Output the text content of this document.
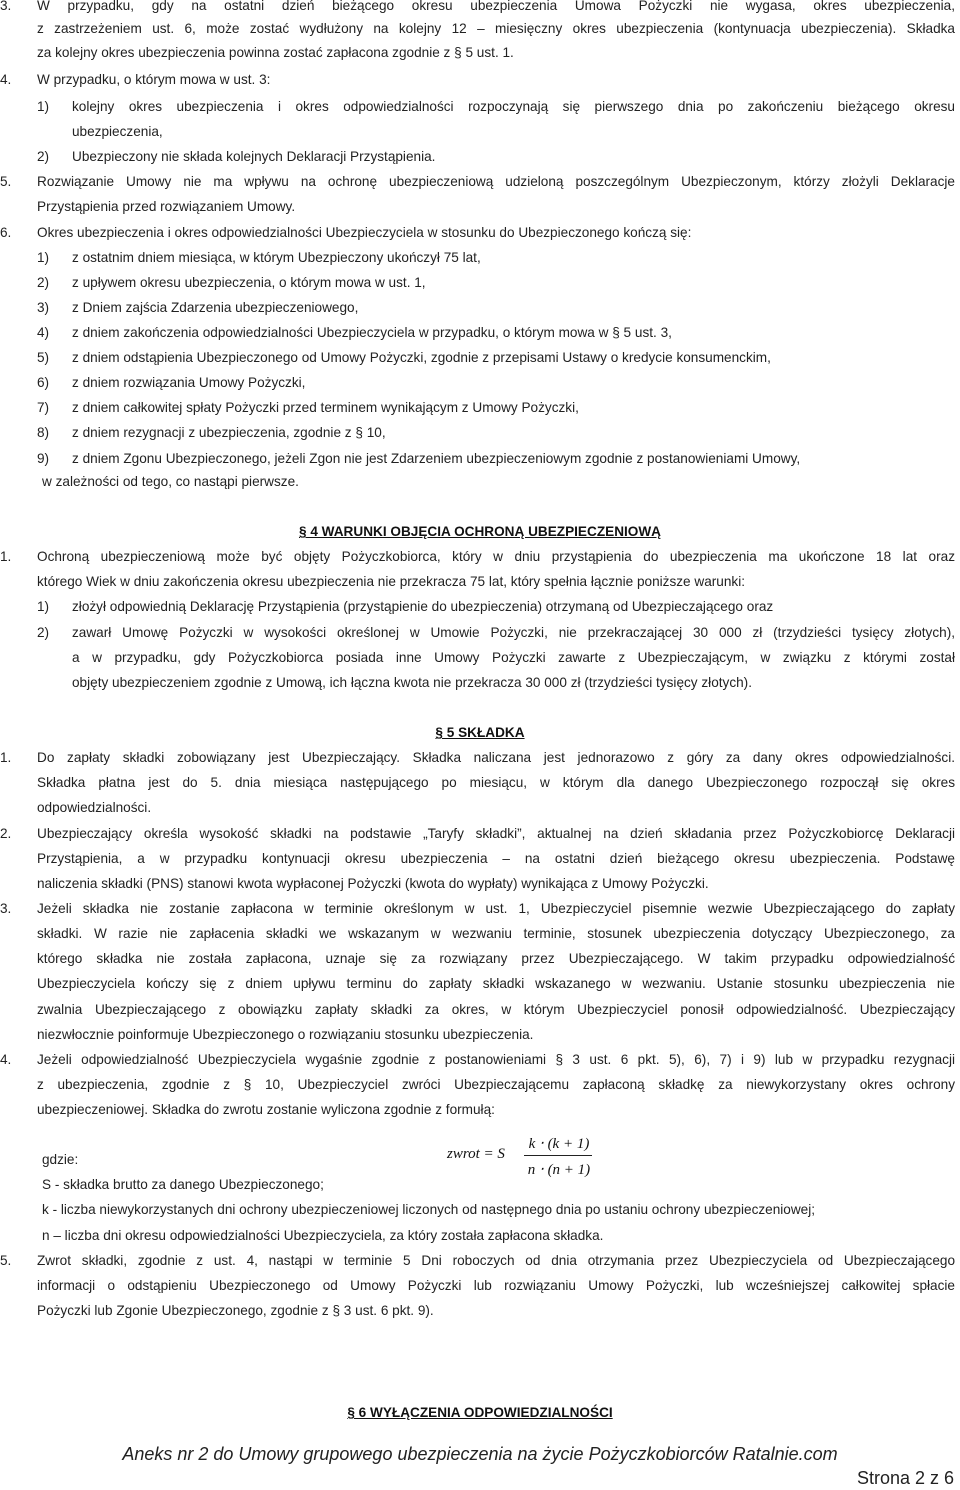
3. W przypadku, gdy na ostatni dzień bieżącego okresu ubezpieczenia Umowa Pożyczki nie wygasa, okres ubezpieczenia,
z zastrzeżeniem ust. 6, może zostać wydłużony na kolejny 12 – miesięczny okres ubezpieczenia (kontynuacja ubezpieczenia). Składka
za kolejny okres ubezpieczenia powinna zostać zapłacona zgodnie z § 5 ust. 1.
4. W przypadku, o którym mowa w ust. 3:
1) kolejny okres ubezpieczenia i okres odpowiedzialności rozpoczynają się pierwszego dnia po zakończeniu bieżącego okresu
ubezpieczenia,
2) Ubezpieczony nie składa kolejnych Deklaracji Przystąpienia.
5. Rozwiązanie Umowy nie ma wpływu na ochronę ubezpieczeniową udzieloną poszczególnym Ubezpieczonym, którzy złożyli Deklaracje
Przystąpienia przed rozwiązaniem Umowy.
6. Okres ubezpieczenia i okres odpowiedzialności Ubezpieczyciela w stosunku do Ubezpieczonego kończą się:
1) z ostatnim dniem miesiąca, w którym Ubezpieczony ukończył 75 lat,
2) z upływem okresu ubezpieczenia, o którym mowa w ust. 1,
3) z Dniem zajścia Zdarzenia ubezpieczeniowego,
4) z dniem zakończenia odpowiedzialności Ubezpieczyciela w przypadku, o którym mowa w § 5 ust. 3,
5) z dniem odstąpienia Ubezpieczonego od Umowy Pożyczki, zgodnie z przepisami Ustawy o kredycie konsumenckim,
6) z dniem rozwiązania Umowy Pożyczki,
7) z dniem całkowitej spłaty Pożyczki przed terminem wynikającym z Umowy Pożyczki,
8) z dniem rezygnacji z ubezpieczenia, zgodnie z § 10,
9) z dniem Zgonu Ubezpieczonego, jeżeli Zgon nie jest Zdarzeniem ubezpieczeniowym zgodnie z postanowieniami Umowy,
w zależności od tego, co nastąpi pierwsze.
§ 4 WARUNKI OBJĘCIA OCHRONĄ UBEZPIECZENIOWĄ
1. Ochroną ubezpieczeniową może być objęty Pożyczkobiorca, który w dniu przystąpienia do ubezpieczenia ma ukończone 18 lat oraz
którego Wiek w dniu zakończenia okresu ubezpieczenia nie przekracza 75 lat, który spełnia łącznie poniższe warunki:
1) złożył odpowiednią Deklarację Przystąpienia (przystąpienie do ubezpieczenia) otrzymaną od Ubezpieczającego oraz
2) zawarł Umowę Pożyczki w wysokości określonej w Umowie Pożyczki, nie przekraczającej 30 000 zł (trzydzieści tysięcy złotych),
a w przypadku, gdy Pożyczkobiorca posiada inne Umowy Pożyczki zawarte z Ubezpieczającym, w związku z którymi został
objęty ubezpieczeniem zgodnie z Umową, ich łączna kwota nie przekracza 30 000 zł (trzydzieści tysięcy złotych).
§ 5 SKŁADKA
1. Do zapłaty składki zobowiązany jest Ubezpieczający. Składka naliczana jest jednorazowo z góry za dany okres odpowiedzialności.
Składka płatna jest do 5. dnia miesiąca następującego po miesiącu, w którym dla danego Ubezpieczonego rozpoczął się okres
odpowiedzialności.
2. Ubezpieczający określa wysokość składki na podstawie „Taryfy składki”, aktualnej na dzień składania przez Pożyczkobiorcę Deklaracji
Przystąpienia, a w przypadku kontynuacji okresu ubezpieczenia – na ostatni dzień bieżącego okresu ubezpieczenia. Podstawę
naliczenia składki (PNS) stanowi kwota wypłaconej Pożyczki (kwota do wypłaty) wynikająca z Umowy Pożyczki.
3. Jeżeli składka nie zostanie zapłacona w terminie określonym w ust. 1, Ubezpieczyciel pisemnie wezwie Ubezpieczającego do zapłaty
składki. W razie nie zapłacenia składki we wskazanym w wezwaniu terminie, stosunek ubezpieczenia dotyczący Ubezpieczonego, za
którego składka nie została zapłacona, uznaje się za rozwiązany przez Ubezpieczającego. W takim przypadku odpowiedzialność
Ubezpieczyciela kończy się z dniem upływu terminu do zapłaty składki wskazanego w wezwaniu. Ustanie stosunku ubezpieczenia nie
zwalnia Ubezpieczającego z obowiązku zapłaty składki za okres, w którym Ubezpieczyciel ponosił odpowiedzialność. Ubezpieczający
niezwłocznie poinformuje Ubezpieczonego o rozwiązaniu stosunku ubezpieczenia.
4. Jeżeli odpowiedzialność Ubezpieczyciela wygaśnie zgodnie z postanowieniami § 3 ust. 6 pkt. 5), 6), 7) i 9) lub w przypadku rezygnacji
z ubezpieczenia, zgodnie z § 10, Ubezpieczyciel zwróci Ubezpieczającemu zapłaconą składkę za niewykorzystany okres ochrony
ubezpieczeniowej. Składka do zwrotu zostanie wyliczona zgodnie z formułą:
zwrot = S
k ⋅ (k + 1)
n ⋅ (n + 1)
gdzie:
S - składka brutto za danego Ubezpieczonego;
k - liczba niewykorzystanych dni ochrony ubezpieczeniowej liczonych od następnego dnia po ustaniu ochrony ubezpieczeniowej;
n – liczba dni okresu odpowiedzialności Ubezpieczyciela, za który została zapłacona składka.
5. Zwrot składki, zgodnie z ust. 4, nastąpi w terminie 5 Dni roboczych od dnia otrzymania przez Ubezpieczyciela od Ubezpieczającego
informacji o odstąpieniu Ubezpieczonego od Umowy Pożyczki lub rozwiązaniu Umowy Pożyczki, lub wcześniejszej całkowitej spłacie
Pożyczki lub Zgonie Ubezpieczonego, zgodnie z § 3 ust. 6 pkt. 9).
§ 6 WYŁĄCZENIA ODPOWIEDZIALNOŚCI
Aneks nr 2 do Umowy grupowego ubezpieczenia na życie Pożyczkobiorców Ratalnie.com
Strona 2 z 6
